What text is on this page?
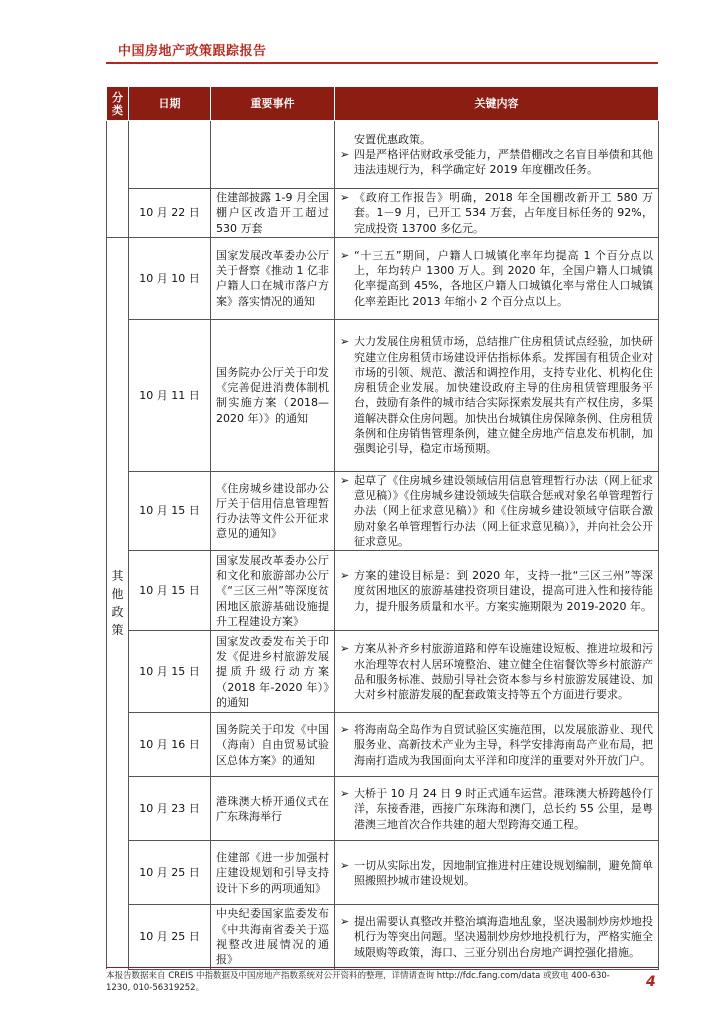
中国房地产政策跟踪报告
分类	日期	重要事件	关键内容

			安置优惠政策。
➢ 四是严格评估财政承受能力，严禁借棚改之名盲目举债和其他违法违规行为，科学确定好 2019 年度棚改任务。

	10 月 22 日	住建部披露 1-9 月全国棚户区改造开工超过 530 万套	➢ 《政府工作报告》明确，2018 年全国棚改新开工 580 万套。1－9 月，已开工 534 万套，占年度目标任务的 92%，完成投资 13700 多亿元。

其他政策	10 月 10 日	国家发展改革委办公厅关于督察《推动 1 亿非户籍人口在城市落户方案》落实情况的通知	➢ “十三五”期间，户籍人口城镇化率年均提高 1 个百分点以上，年均转户 1300 万人。到 2020 年，全国户籍人口城镇化率提高到 45%，各地区户籍人口城镇化率与常住人口城镇化率差距比 2013 年缩小 2 个百分点以上。

	10 月 11 日	国务院办公厅关于印发《完善促进消费体制机制实施方案（2018—2020 年）》的通知	➢ 大力发展住房租赁市场，总结推广住房租赁试点经验，加快研究建立住房租赁市场建设评估指标体系。发挥国有租赁企业对市场的引领、规范、激活和调控作用，支持专业化、机构化住房租赁企业发展。加快建设政府主导的住房租赁管理服务平台，鼓励有条件的城市结合实际探索发展共有产权住房，多渠道解决群众住房问题。加快出台城镇住房保障条例、住房租赁条例和住房销售管理条例，建立健全房地产信息发布机制，加强舆论引导，稳定市场预期。

	10 月 15 日	《住房城乡建设部办公厅关于信用信息管理暂行办法等文件公开征求意见的通知》	➢ 起草了《住房城乡建设领域信用信息管理暂行办法（网上征求意见稿）》《住房城乡建设领域失信联合惩戒对象名单管理暂行办法（网上征求意见稿）》和《住房城乡建设领域守信联合激励对象名单管理暂行办法（网上征求意见稿）》，并向社会公开征求意见。

	10 月 15 日	国家发展改革委办公厅和文化和旅游部办公厅《“三区三州”等深度贫困地区旅游基础设施提升工程建设方案》	➢ 方案的建设目标是：到 2020 年，支持一批“三区三州”等深度贫困地区的旅游基建投资项目建设，提高可进入性和接待能力，提升服务质量和水平。方案实施期限为 2019-2020 年。

	10 月 15 日	国家发改委发布关于印发《促进乡村旅游发展提质升级行动方案（2018 年-2020 年）》的通知	➢ 方案从补齐乡村旅游道路和停车设施建设短板、推进垃圾和污水治理等农村人居环境整治、建立健全住宿餐饮等乡村旅游产品和服务标准、鼓励引导社会资本参与乡村旅游发展建设、加大对乡村旅游发展的配套政策支持等五个方面进行要求。

	10 月 16 日	国务院关于印发《中国（海南）自由贸易试验区总体方案》的通知	➢ 将海南岛全岛作为自贸试验区实施范围，以发展旅游业、现代服务业、高新技术产业为主导，科学安排海南岛产业布局，把海南打造成为我国面向太平洋和印度洋的重要对外开放门户。

	10 月 23 日	港珠澳大桥开通仪式在广东珠海举行	➢ 大桥于 10 月 24 日 9 时正式通车运营。港珠澳大桥跨越伶仃洋，东接香港，西接广东珠海和澳门，总长约 55 公里，是粤港澳三地首次合作共建的超大型跨海交通工程。

	10 月 25 日	住建部《进一步加强村庄建设规划和引导支持设计下乡的两项通知》	➢ 一切从实际出发，因地制宜推进村庄建设规划编制，避免简单照搬照抄城市建设规划。

	10 月 25 日	中央纪委国家监委发布《中共海南省委关于巡视整改进展情况的通报》	➢ 提出需要认真整改并整治填海造地乱象，坚决遏制炒房炒地投机行为等突出问题。坚决遏制炒房炒地投机行为，严格实施全域限购等政策，海口、三亚分别出台房地产调控强化措施。
本报告数据来自 CREIS 中指数据及中国房地产指数系统对公开资料的整理，详情请查询 http://fdc.fang.com/data 或致电 400-630-1230, 010-56319252。	4
